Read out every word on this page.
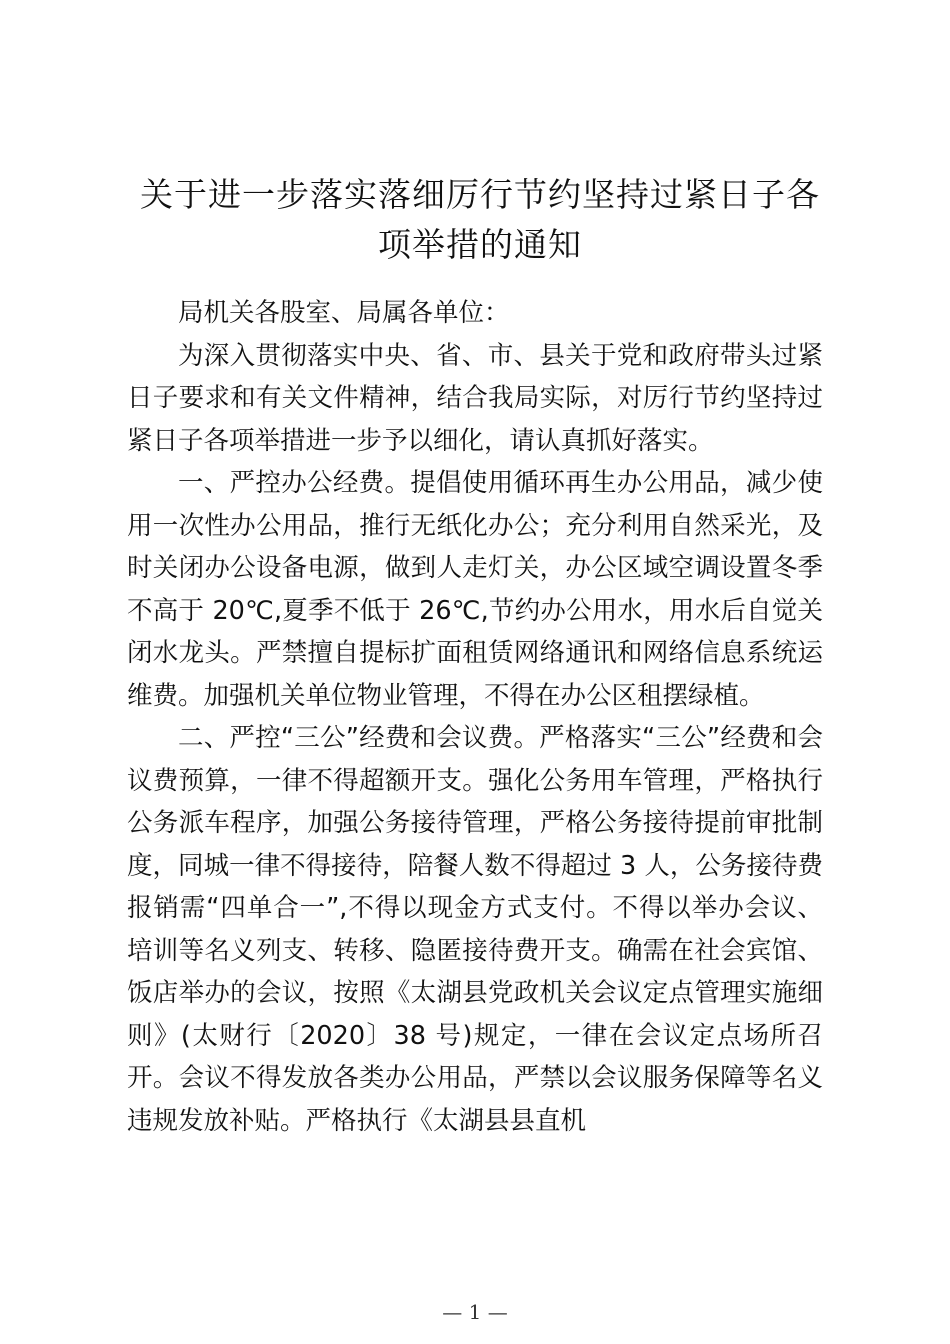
关于进一步落实落细厉行节约坚持过紧日子各
项举措的通知

局机关各股室、局属各单位：

为深入贯彻落实中央、省、市、县关于党和政府带头过紧日子要求和有关文件精神，结合我局实际，对厉行节约坚持过紧日子各项举措进一步予以细化，请认真抓好落实。

一、严控办公经费。提倡使用循环再生办公用品，减少使用一次性办公用品，推行无纸化办公；充分利用自然采光，及时关闭办公设备电源，做到人走灯关，办公区域空调设置冬季不高于 20℃,夏季不低于 26℃,节约办公用水，用水后自觉关闭水龙头。严禁擅自提标扩面租赁网络通讯和网络信息系统运维费。加强机关单位物业管理，不得在办公区租摆绿植。

二、严控“三公”经费和会议费。严格落实“三公”经费和会议费预算，一律不得超额开支。强化公务用车管理，严格执行公务派车程序，加强公务接待管理，严格公务接待提前审批制度，同城一律不得接待，陪餐人数不得超过 3 人，公务接待费报销需“四单合一”,不得以现金方式支付。不得以举办会议、培训等名义列支、转移、隐匿接待费开支。确需在社会宾馆、饭店举办的会议，按照《太湖县党政机关会议定点管理实施细则》(太财行〔2020〕38 号)规定，一律在会议定点场所召开。会议不得发放各类办公用品，严禁以会议服务保障等名义违规发放补贴。严格执行《太湖县县直机

— 1 —
